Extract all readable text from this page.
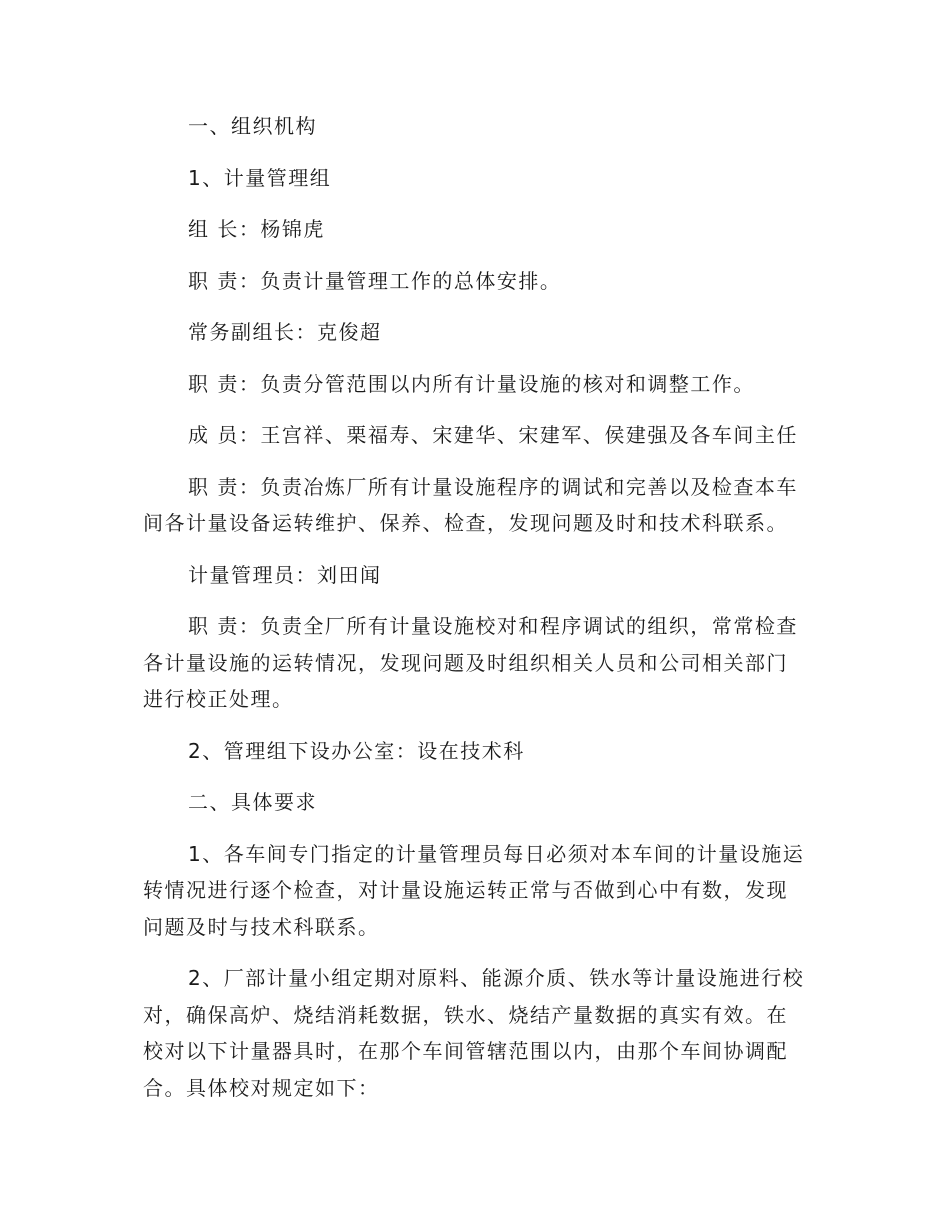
一、组织机构

1、计量管理组

组 长：杨锦虎

职 责：负责计量管理工作的总体安排。

常务副组长：克俊超

职 责：负责分管范围以内所有计量设施的核对和调整工作。

成 员：王宫祥、栗福寿、宋建华、宋建军、侯建强及各车间主任

职 责：负责冶炼厂所有计量设施程序的调试和完善以及检查本车间各计量设备运转维护、保养、检查，发现问题及时和技术科联系。

计量管理员：刘田闻

职 责：负责全厂所有计量设施校对和程序调试的组织，常常检查各计量设施的运转情况，发现问题及时组织相关人员和公司相关部门进行校正处理。

2、管理组下设办公室：设在技术科

二、具体要求

1、各车间专门指定的计量管理员每日必须对本车间的计量设施运转情况进行逐个检查，对计量设施运转正常与否做到心中有数，发现问题及时与技术科联系。

2、厂部计量小组定期对原料、能源介质、铁水等计量设施进行校对，确保高炉、烧结消耗数据，铁水、烧结产量数据的真实有效。在校对以下计量器具时，在那个车间管辖范围以内，由那个车间协调配合。具体校对规定如下：
